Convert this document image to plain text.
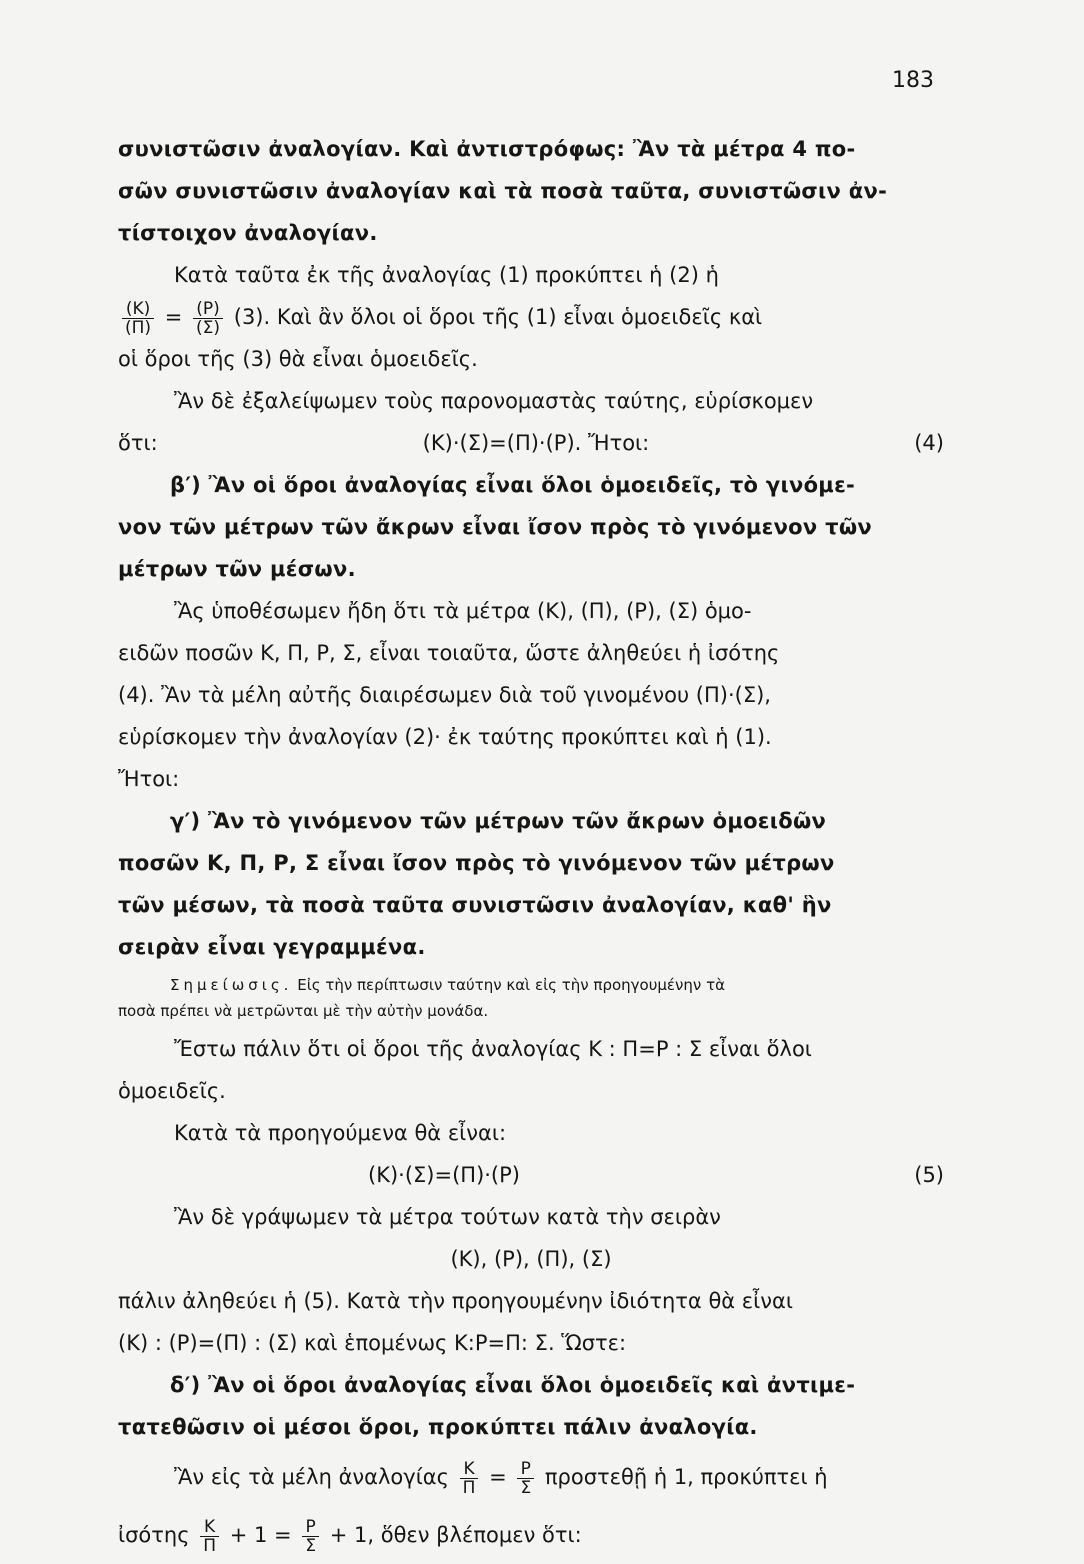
183
συνιστῶσιν ἀναλογίαν. Καὶ ἀντιστρόφως: Ἂν τὰ μέτρα 4 πο-
σῶν συνιστῶσιν ἀναλογίαν καὶ τὰ ποσὰ ταῦτα, συνιστῶσιν ἀν-
τίστοιχον ἀναλογίαν.
Κατὰ ταῦτα ἐκ τῆς ἀναλογίας (1) προκύπτει ἡ (2) ἡ
$\frac{(K)}{(\Pi)} = \frac{(P)}{(\Sigma)} (3)$. Καὶ ἂν ὅλοι οἱ ὅροι τῆς (1) εἶναι ὁμοειδεῖς καὶ
οἱ ὅροι τῆς (3) θὰ εἶναι ὁμοειδεῖς.
Ἂν δὲ ἐξαλείψωμεν τοὺς παρονομαστὰς ταύτης, εὑρίσκομεν
ὅτι:	(Κ)·(Σ)=(Π)·(Ρ). Ἤτοι:	(4)
β′) Ἂν οἱ ὅροι ἀναλογίας εἶναι ὅλοι ὁμοειδεῖς, τὸ γινόμε-
νον τῶν μέτρων τῶν ἄκρων εἶναι ἴσον πρὸς τὸ γινόμενον τῶν
μέτρων τῶν μέσων.
Ἂς ὑποθέσωμεν ἤδη ὅτι τὰ μέτρα (Κ), (Π), (Ρ), (Σ) ὁμο-
ειδῶν ποσῶν Κ, Π, Ρ, Σ, εἶναι τοιαῦτα, ὥστε ἀληθεύει ἡ ἰσότης
(4). Ἂν τὰ μέλη αὐτῆς διαιρέσωμεν διὰ τοῦ γινομένου (Π)·(Σ),
εὑρίσκομεν τὴν ἀναλογίαν (2)· ἐκ ταύτης προκύπτει καὶ ἡ (1).
Ἤτοι:
γ′) Ἂν τὸ γινόμενον τῶν μέτρων τῶν ἄκρων ὁμοειδῶν
ποσῶν Κ, Π, Ρ, Σ εἶναι ἴσον πρὸς τὸ γινόμενον τῶν μέτρων
τῶν μέσων, τὰ ποσὰ ταῦτα συνιστῶσιν ἀναλογίαν, καθ' ἣν
σειρὰν εἶναι γεγραμμένα.
Σημείωσις. Εἰς τὴν περίπτωσιν ταύτην καὶ εἰς τὴν προηγουμένην τὰ
ποσὰ πρέπει νὰ μετρῶνται μὲ τὴν αὐτὴν μονάδα.
Ἔστω πάλιν ὅτι οἱ ὅροι τῆς ἀναλογίας Κ : Π=Ρ : Σ εἶναι ὅλοι
ὁμοειδεῖς.
Κατὰ τὰ προηγούμενα θὰ εἶναι:
(Κ)·(Σ)=(Π)·(Ρ)	(5)
Ἂν δὲ γράψωμεν τὰ μέτρα τούτων κατὰ τὴν σειρὰν
(Κ), (Ρ), (Π), (Σ)
πάλιν ἀληθεύει ἡ (5). Κατὰ τὴν προηγουμένην ἰδιότητα θὰ εἶναι
(Κ) : (Ρ)=(Π) : (Σ) καὶ ἑπομένως Κ:Ρ=Π: Σ. Ὥστε:
δ′) Ἂν οἱ ὅροι ἀναλογίας εἶναι ὅλοι ὁμοειδεῖς καὶ ἀντιμε-
τατεθῶσιν οἱ μέσοι ὅροι, προκύπτει πάλιν ἀναλογία.
Ἂν εἰς τὰ μέλη ἀναλογίας $\frac{K}{\Pi} = \frac{P}{\Sigma}$ προστεθῇ ἡ 1, προκύπτει ἡ
ἰσότης $\frac{K}{\Pi} + 1 = \frac{P}{\Sigma} + 1$, ὅθεν βλέπομεν ὅτι:
